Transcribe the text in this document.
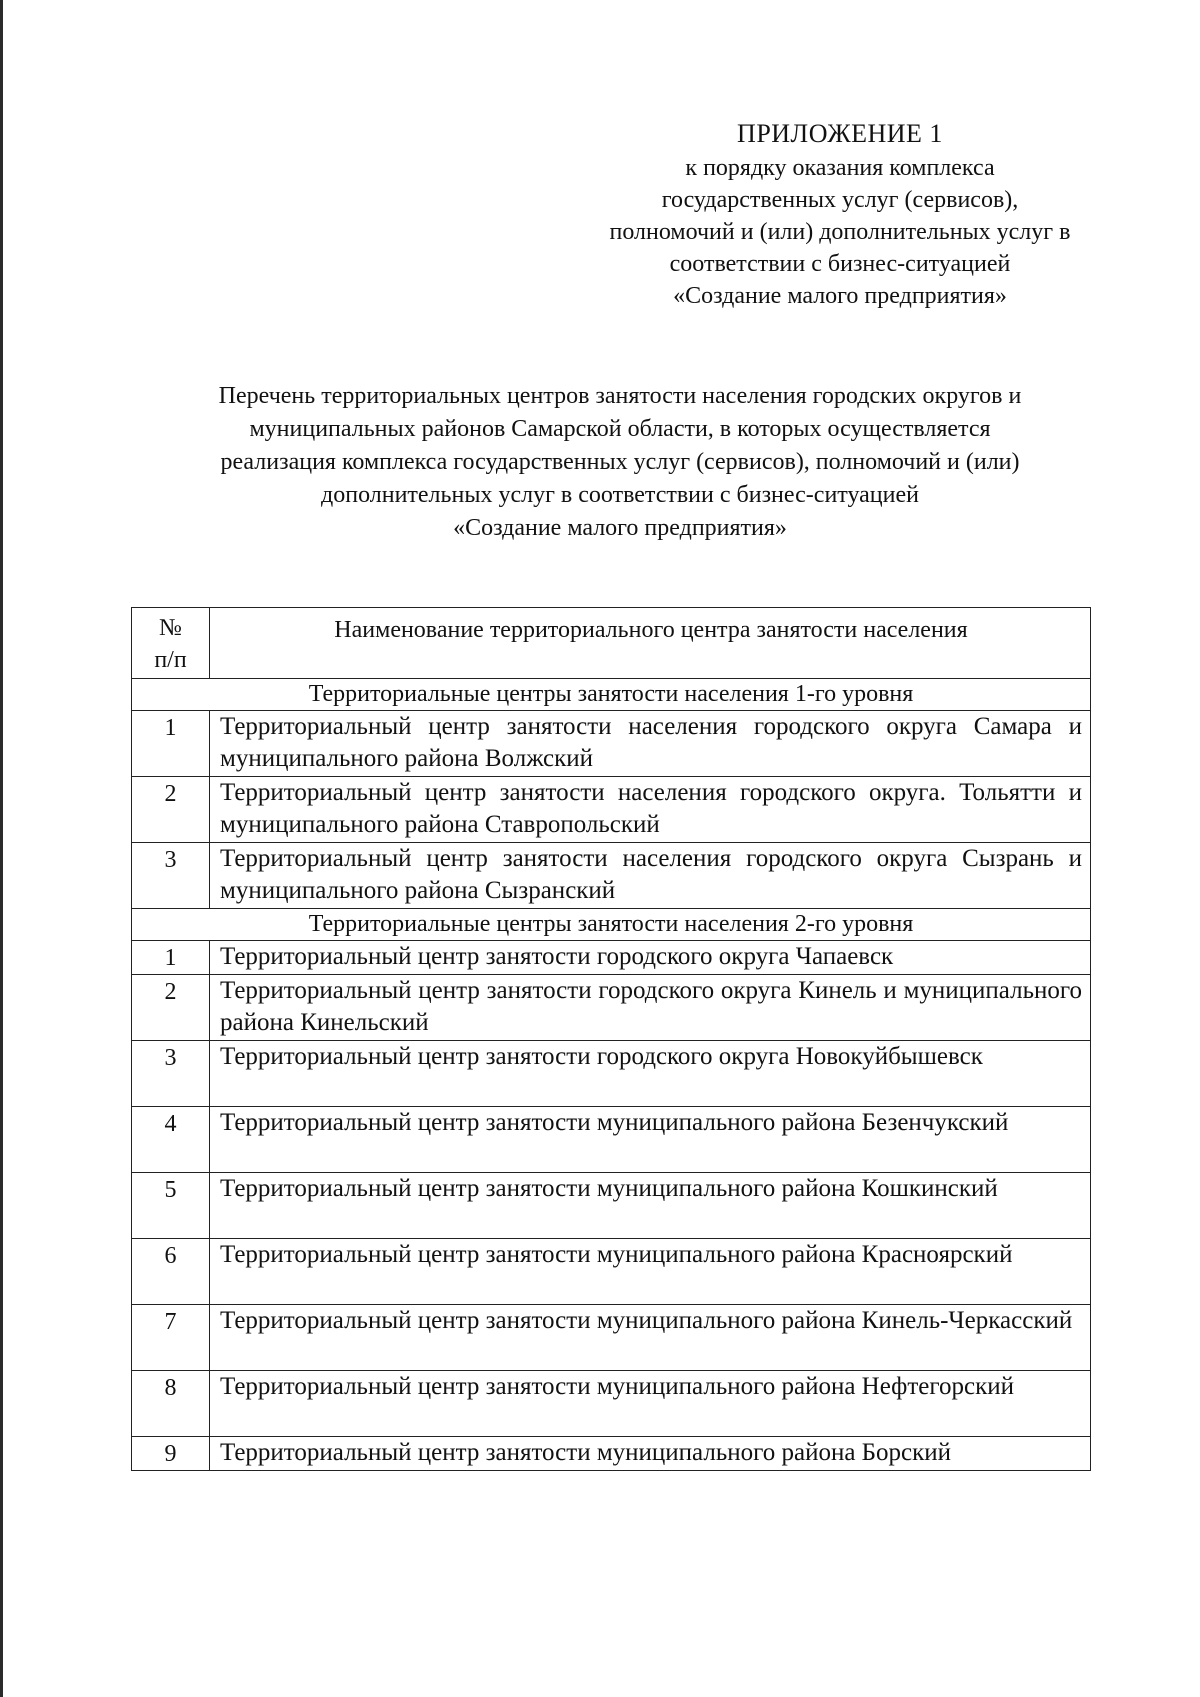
ПРИЛОЖЕНИЕ 1
к порядку оказания комплекса
государственных услуг (сервисов),
полномочий и (или) дополнительных услуг в
соответствии с бизнес-ситуацией
«Создание малого предприятия»
Перечень территориальных центров занятости населения городских округов и
муниципальных районов Самарской области, в которых осуществляется
реализация комплекса государственных услуг (сервисов), полномочий и (или)
дополнительных услуг в соответствии с бизнес-ситуацией
«Создание малого предприятия»
№
п/п	Наименование территориального центра занятости населения
Территориальные центры занятости населения 1-го уровня	
1	Территориальный центр занятости населения городского округа Самара и муниципального района Волжский
2	Территориальный центр занятости населения городского округа. Тольятти и муниципального района Ставропольский
3	Территориальный центр занятости населения городского округа Сызрань и муниципального района Сызранский
Территориальные центры занятости населения 2-го уровня	
1	Территориальный центр занятости городского округа Чапаевск
2	Территориальный центр занятости городского округа Кинель и муниципального района Кинельский
3	Территориальный центр занятости городского округа Новокуйбышевск
4	Территориальный центр занятости муниципального района Безенчукский
5	Территориальный центр занятости муниципального района Кошкинский
6	Территориальный центр занятости муниципального района Красноярский
7	Территориальный центр занятости муниципального района Кинель-Черкасский
8	Территориальный центр занятости муниципального района Нефтегорский
9	Территориальный центр занятости муниципального района Борский
